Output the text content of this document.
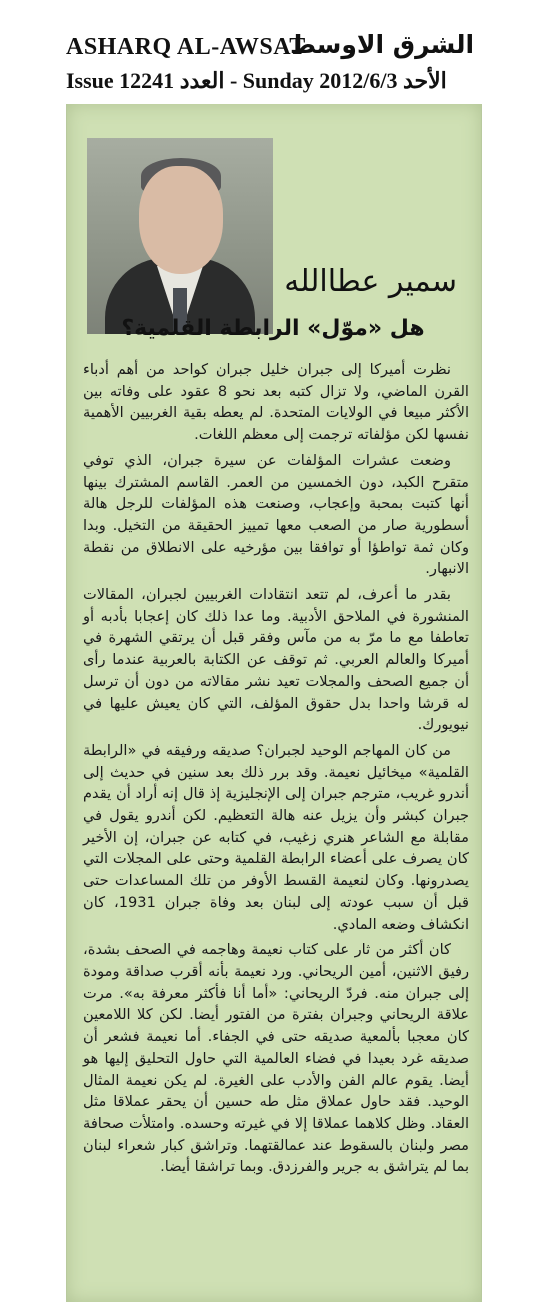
ASHARQ AL-AWSAT
الشرق الاوسط
Issue 12241 العدد - Sunday 2012/6/3 الأحد
سمير عطاالله
هل «موّل» الرابطة القلمية؟

نظرت أميركا إلى جبران خليل جبران كواحد من أهم أدباء القرن الماضي، ولا تزال كتبه بعد نحو 8 عقود على وفاته بين الأكثر مبيعا في الولايات المتحدة. لم يعطه بقية الغربيين الأهمية نفسها لكن مؤلفاته ترجمت إلى معظم اللغات.

وضعت عشرات المؤلفات عن سيرة جبران، الذي توفي متقرح الكبد، دون الخمسين من العمر. القاسم المشترك بينها أنها كتبت بمحبة وإعجاب، وصنعت هذه المؤلفات للرجل هالة أسطورية صار من الصعب معها تمييز الحقيقة من التخيل. وبدا وكان ثمة تواطؤا أو توافقا بين مؤرخيه على الانطلاق من نقطة الانبهار.

بقدر ما أعرف، لم تتعد انتقادات الغربيين لجبران، المقالات المنشورة في الملاحق الأدبية. وما عدا ذلك كان إعجابا بأدبه أو تعاطفا مع ما مرّ به من مآس وفقر قبل أن يرتقي الشهرة في أميركا والعالم العربي. ثم توقف عن الكتابة بالعربية عندما رأى أن جميع الصحف والمجلات تعيد نشر مقالاته من دون أن ترسل له قرشا واحدا بدل حقوق المؤلف، التي كان يعيش عليها في نيويورك.

من كان المهاجم الوحيد لجبران؟ صديقه ورفيقه في «الرابطة القلمية» ميخائيل نعيمة. وقد برر ذلك بعد سنين في حديث إلى أندرو غريب، مترجم جبران إلى الإنجليزية إذ قال إنه أراد أن يقدم جبران كبشر وأن يزيل عنه هالة التعظيم. لكن أندرو يقول في مقابلة مع الشاعر هنري زغيب، في كتابه عن جبران، إن الأخير كان يصرف على أعضاء الرابطة القلمية وحتى على المجلات التي يصدرونها. وكان لنعيمة القسط الأوفر من تلك المساعدات حتى قبل أن سبب عودته إلى لبنان بعد وفاة جبران 1931، كان انكشاف وضعه المادي.

كان أكثر من ثار على كتاب نعيمة وهاجمه في الصحف بشدة، رفيق الاثنين، أمين الريحاني. ورد نعيمة بأنه أقرب صداقة ومودة إلى جبران منه. فردّ الريحاني: «أما أنا فأكثر معرفة به». مرت علاقة الريحاني وجبران بفترة من الفتور أيضا. لكن كلا اللامعين كان معجبا بألمعية صديقه حتى في الجفاء. أما نعيمة فشعر أن صديقه غرد بعيدا في فضاء العالمية التي حاول التحليق إليها هو أيضا. يقوم عالم الفن والأدب على الغيرة. لم يكن نعيمة المثال الوحيد. فقد حاول عملاق مثل طه حسين أن يحقر عملاقا مثل العقاد. وظل كلاهما عملاقا إلا في غيرته وحسده. وامتلأت صحافة مصر ولبنان بالسقوط عند عمالقتهما. وتراشق كبار شعراء لبنان بما لم يتراشق به جرير والفرزدق. وبما تراشقا أيضا.
